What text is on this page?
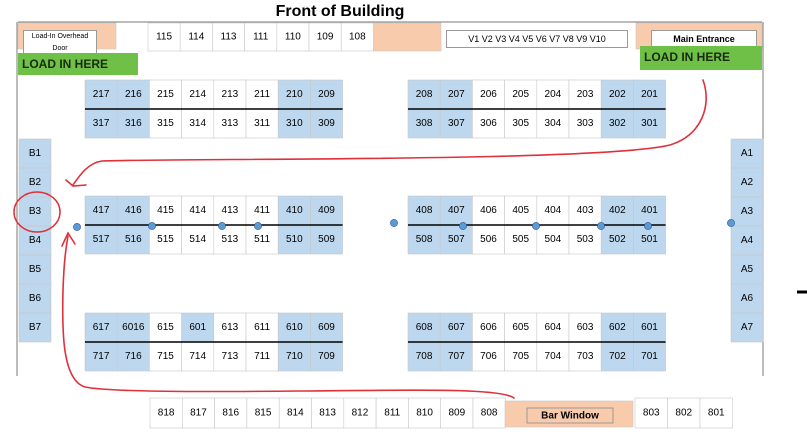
Front of Building
115 114 113 111 110 109 108
B1
B2
B3
B4
B5
B6
B7
A1
A2
A3
A4
A5
A6
A7
217 216 215 214 213 211 210 209
317 316 315 314 313 311 310 309
417 416 415 414 413 411 410 409
517 516 515 514 513 511 510 509
617 6016 615 601 613 611 610 609
717 716 715 714 713 711 710 709
208 207 206 205 204 203 202 201
308 307 306 305 304 303 302 301
408 407 406 405 404 403 402 401
508 507 506 505 504 503 502 501
608 607 606 605 604 603 602 601
708 707 706 705 704 703 702 701
818 817 816 815 814 813 812 811 810 809 808	Bar Window	803 802 801
Load-In Overhead Door
LOAD IN HERE
V1 V2 V3 V4 V5 V6 V7 V8 V9 V10	Main Entrance
LOAD IN HERE
